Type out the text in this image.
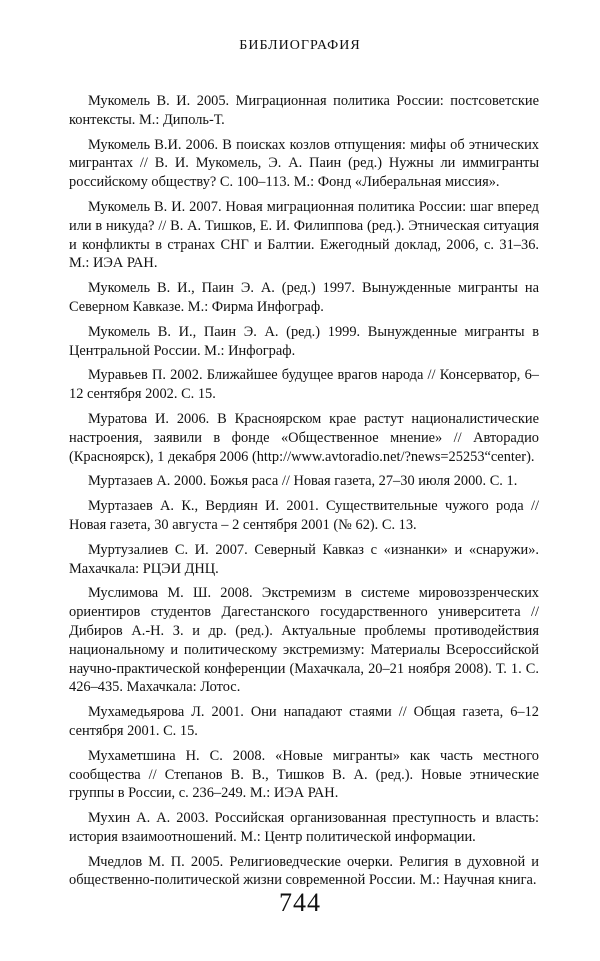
БИБЛИОГРАФИЯ
Мукомель В. И. 2005. Миграционная политика России: постсоветские контексты. М.: Диполь-Т.
Мукомель В.И. 2006. В поисках козлов отпущения: мифы об этнических мигрантах // В. И. Мукомель, Э. А. Паин (ред.) Нужны ли иммигранты российскому обществу? С. 100–113. М.: Фонд «Либеральная миссия».
Мукомель В. И. 2007. Новая миграционная политика России: шаг вперед или в никуда? // В. А. Тишков, Е. И. Филиппова (ред.). Этническая ситуация и конфликты в странах СНГ и Балтии. Ежегодный доклад, 2006, с. 31–36. М.: ИЭА РАН.
Мукомель В. И., Паин Э. А. (ред.) 1997. Вынужденные мигранты на Северном Кавказе. М.: Фирма Инфограф.
Мукомель В. И., Паин Э. А. (ред.) 1999. Вынужденные мигранты в Центральной России. М.: Инфограф.
Муравьев П. 2002. Ближайшее будущее врагов народа // Консерватор, 6–12 сентября 2002. С. 15.
Муратова И. 2006. В Красноярском крае растут националистические настроения, заявили в фонде «Общественное мнение» // Авторадио (Красноярск), 1 декабря 2006 (http://www.avtoradio.net/?news=25253“center).
Муртазаев А. 2000. Божья раса // Новая газета, 27–30 июля 2000. С. 1.
Муртазаев А. К., Вердиян И. 2001. Существительные чужого рода // Новая газета, 30 августа – 2 сентября 2001 (№ 62). С. 13.
Муртузалиев С. И. 2007. Северный Кавказ с «изнанки» и «снаружи». Махачкала: РЦЭИ ДНЦ.
Муслимова М. Ш. 2008. Экстремизм в системе мировоззренческих ориентиров студентов Дагестанского государственного университета // Дибиров А.-Н. З. и др. (ред.). Актуальные проблемы противодействия национальному и политическому экстремизму: Материалы Всероссийской научно-практической конференции (Махачкала, 20–21 ноября 2008). Т. 1. С. 426–435. Махачкала: Лотос.
Мухамедьярова Л. 2001. Они нападают стаями // Общая газета, 6–12 сентября 2001. С. 15.
Мухаметшина Н. С. 2008. «Новые мигранты» как часть местного сообщества // Степанов В. В., Тишков В. А. (ред.). Новые этнические группы в России, с. 236–249. М.: ИЭА РАН.
Мухин А. А. 2003. Российская организованная преступность и власть: история взаимоотношений. М.: Центр политической информации.
Мчедлов М. П. 2005. Религиоведческие очерки. Религия в духовной и общественно-политической жизни современной России. М.: Научная книга.
744
